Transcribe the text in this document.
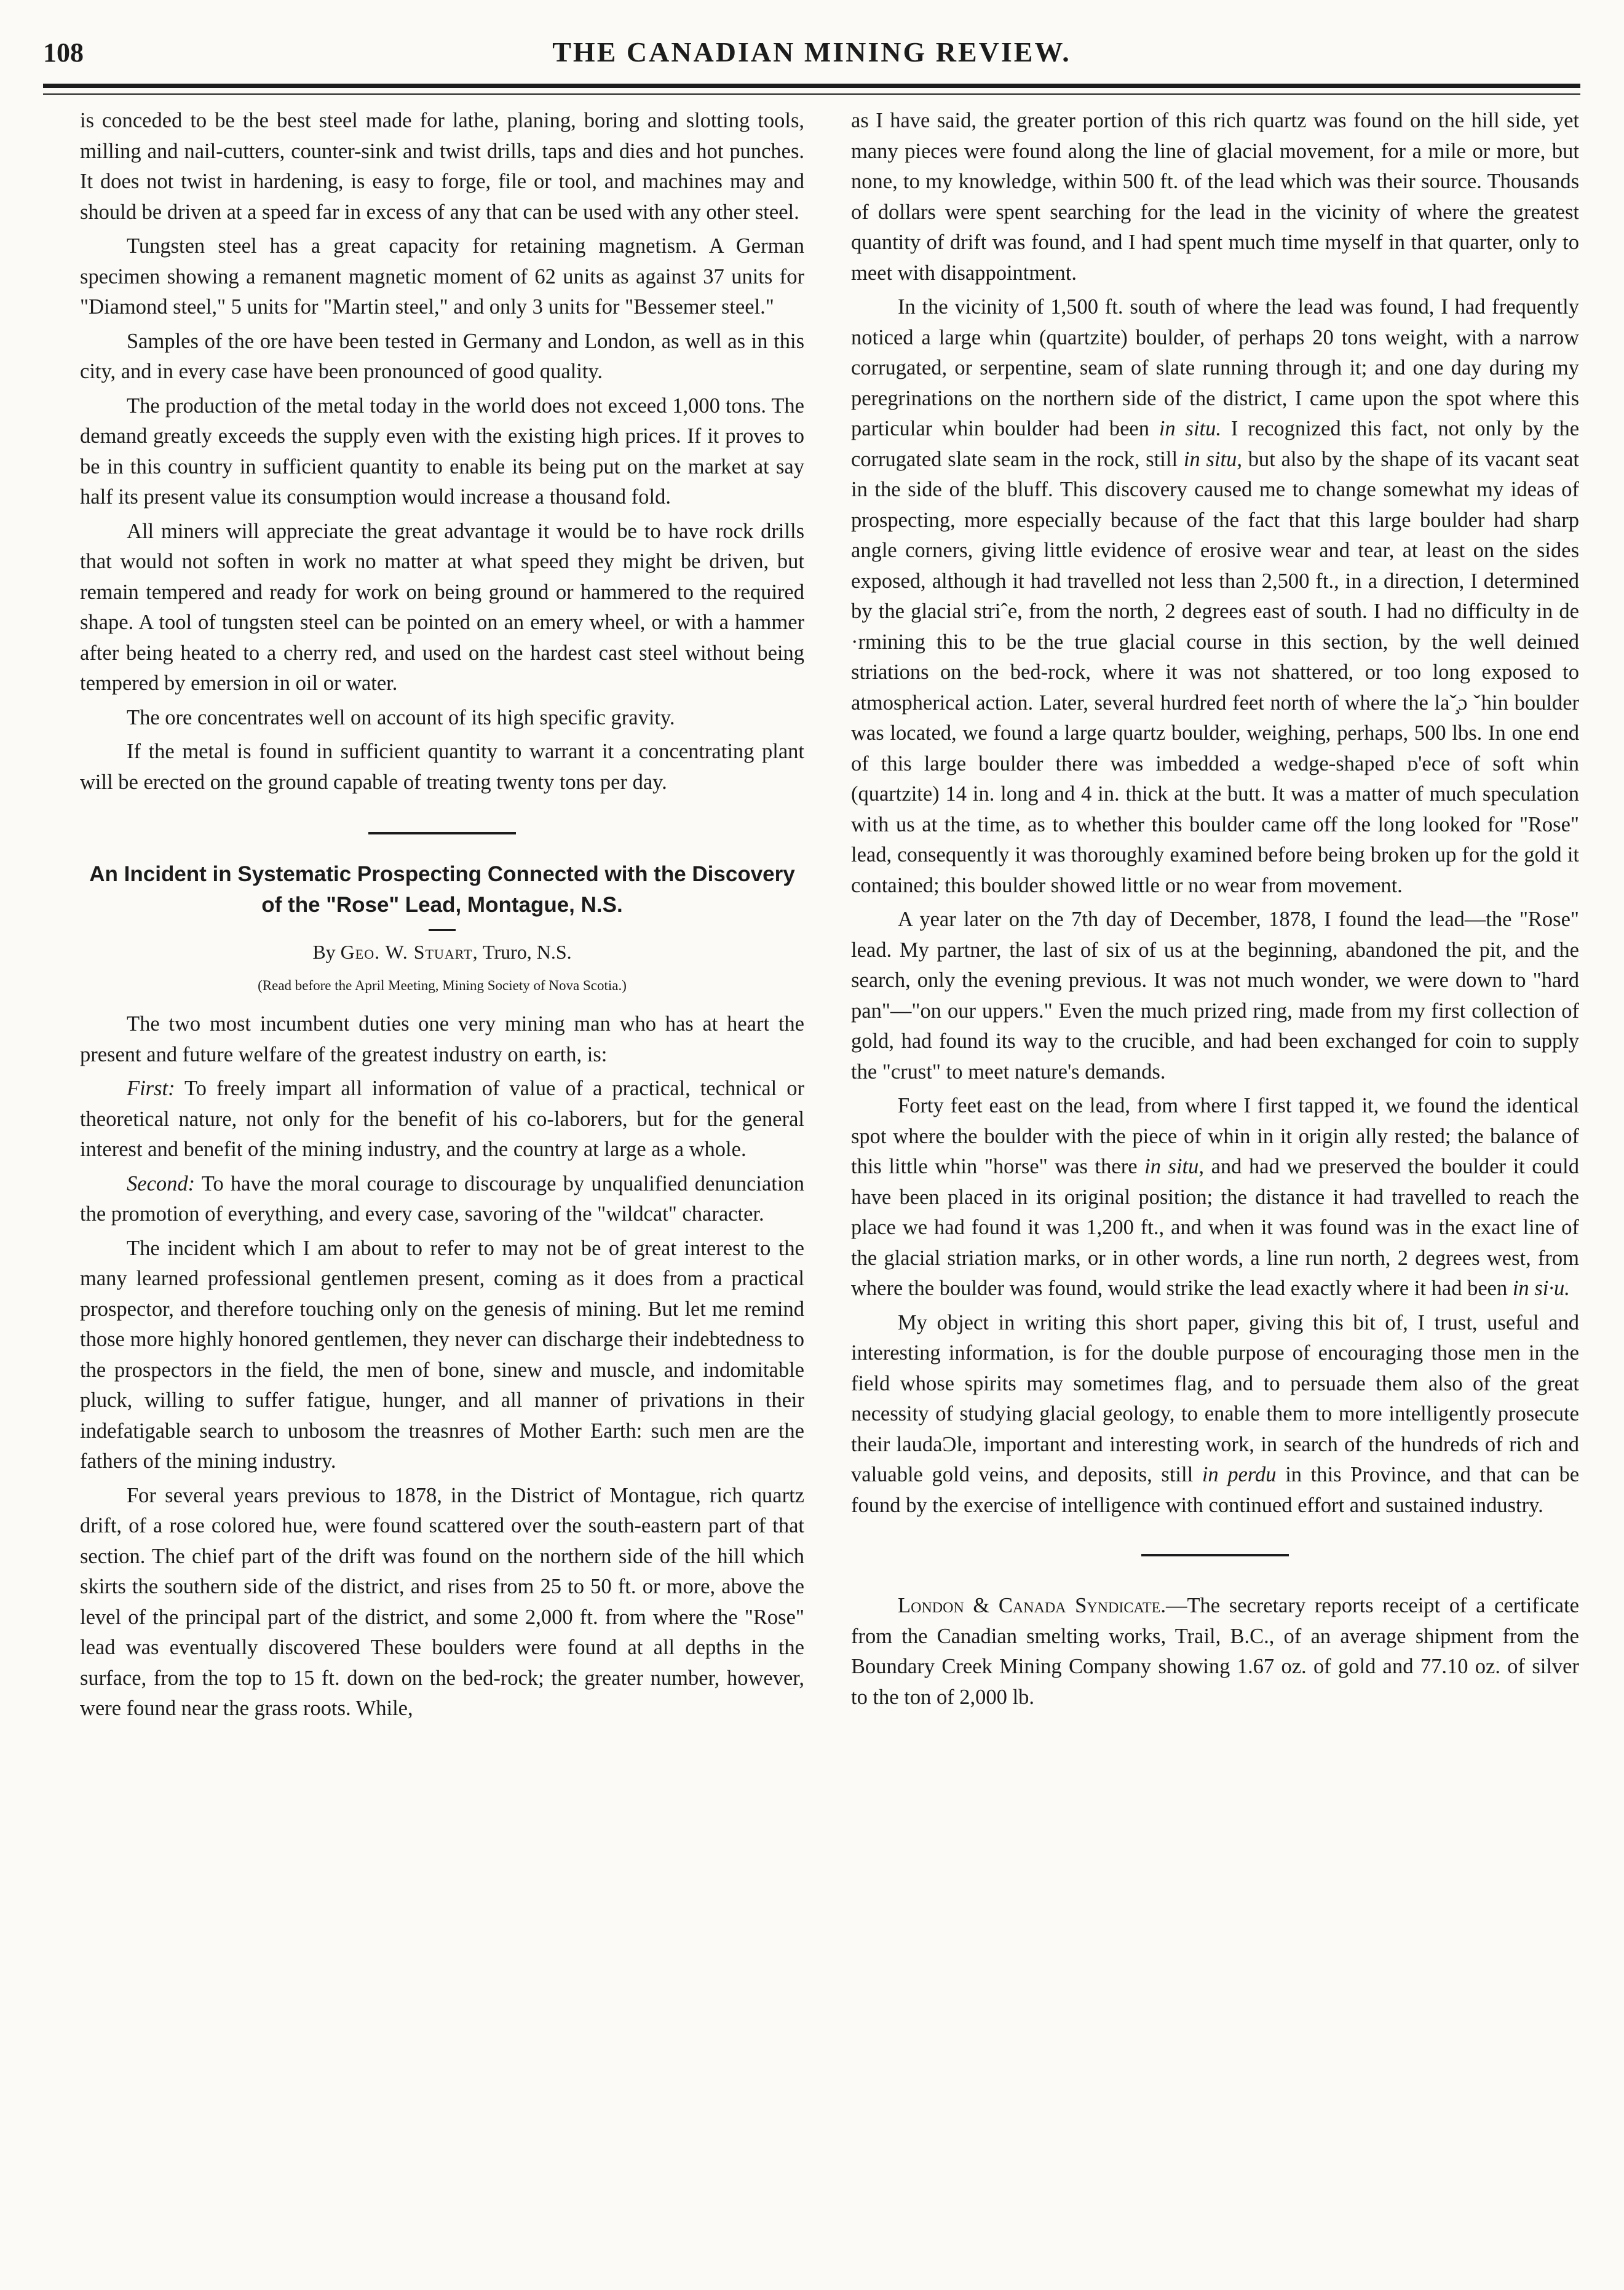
108	THE CANADIAN MINING REVIEW.

is conceded to be the best steel made for lathe, planing, boring and slotting tools, milling and nail-cutters, counter-sink and twist drills, taps and dies and hot punches. It does not twist in hardening, is easy to forge, file or tool, and machines may and should be driven at a speed far in excess of any that can be used with any other steel.

Tungsten steel has a great capacity for retaining magnetism. A German specimen showing a remanent magnetic moment of 62 units as against 37 units for "Diamond steel," 5 units for "Martin steel," and only 3 units for "Bessemer steel."

Samples of the ore have been tested in Germany and London, as well as in this city, and in every case have been pronounced of good quality.

The production of the metal today in the world does not exceed 1,000 tons. The demand greatly exceeds the supply even with the existing high prices. If it proves to be in this country in sufficient quantity to enable its being put on the market at say half its present value its consumption would increase a thousand fold.

All miners will appreciate the great advantage it would be to have rock drills that would not soften in work no matter at what speed they might be driven, but remain tempered and ready for work on being ground or hammered to the required shape. A tool of tungsten steel can be pointed on an emery wheel, or with a hammer after being heated to a cherry red, and used on the hardest cast steel without being tempered by emersion in oil or water.

The ore concentrates well on account of its high specific gravity.

If the metal is found in sufficient quantity to warrant it a concentrating plant will be erected on the ground capable of treating twenty tons per day.

An Incident in Systematic Prospecting Connected with the Discovery of the "Rose" Lead, Montague, N.S.
By Geo. W. Stuart, Truro, N.S.
(Read before the April Meeting, Mining Society of Nova Scotia.)

The two most incumbent duties one very mining man who has at heart the present and future welfare of the greatest industry on earth, is:

First: To freely impart all information of value of a practical, technical or theoretical nature, not only for the benefit of his co-laborers, but for the general interest and benefit of the mining industry, and the country at large as a whole.

Second: To have the moral courage to discourage by unqualified denunciation the promotion of everything, and every case, savoring of the "wildcat" character.

The incident which I am about to refer to may not be of great interest to the many learned professional gentlemen present, coming as it does from a practical prospector, and therefore touching only on the genesis of mining. But let me remind those more highly honored gentlemen, they never can discharge their indebtedness to the prospectors in the field, the men of bone, sinew and muscle, and indomitable pluck, willing to suffer fatigue, hunger, and all manner of privations in their indefatigable search to unbosom the treasnres of Mother Earth: such men are the fathers of the mining industry.

For several years previous to 1878, in the District of Montague, rich quartz drift, of a rose colored hue, were found scattered over the south-eastern part of that section. The chief part of the drift was found on the northern side of the hill which skirts the southern side of the district, and rises from 25 to 50 ft. or more, above the level of the principal part of the district, and some 2,000 ft. from where the "Rose" lead was eventually discovered These boulders were found at all depths in the surface, from the top to 15 ft. down on the bed-rock; the greater number, however, were found near the grass roots. While,

as I have said, the greater portion of this rich quartz was found on the hill side, yet many pieces were found along the line of glacial movement, for a mile or more, but none, to my knowledge, within 500 ft. of the lead which was their source. Thousands of dollars were spent searching for the lead in the vicinity of where the greatest quantity of drift was found, and I had spent much time myself in that quarter, only to meet with disappointment.

In the vicinity of 1,500 ft. south of where the lead was found, I had frequently noticed a large whin (quartzite) boulder, of perhaps 20 tons weight, with a narrow corrugated, or serpentine, seam of slate running through it; and one day during my peregrinations on the northern side of the district, I came upon the spot where this particular whin boulder had been in situ. I recognized this fact, not only by the corrugated slate seam in the rock, still in situ, but also by the shape of its vacant seat in the side of the bluff. This discovery caused me to change somewhat my ideas of prospecting, more especially because of the fact that this large boulder had sharp angle corners, giving little evidence of erosive wear and tear, at least on the sides exposed, although it had travelled not less than 2,500 ft., in a direction, I determined by the glacial striˆe, from the north, 2 degrees east of south. I had no difficulty in de ·rmining this to be the true glacial course in this section, by the well deinıed striations on the bed-rock, where it was not shattered, or too long exposed to atmospherical action. Later, several hurdred feet north of where the laˇ̧ɔ ˇhin boulder was located, we found a large quartz boulder, weighing, perhaps, 500 lbs. In one end of this large boulder there was imbedded a wedge-shaped ᴅ'ece of soft whin (quartzite) 14 in. long and 4 in. thick at the butt. It was a matter of much speculation with us at the time, as to whether this boulder came off the long looked for "Rose" lead, consequently it was thoroughly examined before being broken up for the gold it contained; this boulder showed little or no wear from movement.

A year later on the 7th day of December, 1878, I found the lead—the "Rose" lead. My partner, the last of six of us at the beginning, abandoned the pit, and the search, only the evening previous. It was not much wonder, we were down to "hard pan"—"on our uppers." Even the much prized ring, made from my first collection of gold, had found its way to the crucible, and had been exchanged for coin to supply the "crust" to meet nature's demands.

Forty feet east on the lead, from where I first tapped it, we found the identical spot where the boulder with the piece of whin in it origin ally rested; the balance of this little whin "horse" was there in situ, and had we preserved the boulder it could have been placed in its original position; the distance it had travelled to reach the place we had found it was 1,200 ft., and when it was found was in the exact line of the glacial striation marks, or in other words, a line run north, 2 degrees west, from where the boulder was found, would strike the lead exactly where it had been in si·u.

My object in writing this short paper, giving this bit of, I trust, useful and interesting information, is for the double purpose of encouraging those men in the field whose spirits may sometimes flag, and to persuade them also of the great necessity of studying glacial geology, to enable them to more intelligently prosecute their laudaƆle, important and interesting work, in search of the hundreds of rich and valuable gold veins, and deposits, still in perdu in this Province, and that can be found by the exercise of intelligence with continued effort and sustained industry.

London & Canada Syndicate.—The secretary reports receipt of a certificate from the Canadian smelting works, Trail, B.C., of an average shipment from the Boundary Creek Mining Company showing 1.67 oz. of gold and 77.10 oz. of silver to the ton of 2,000 lb.
